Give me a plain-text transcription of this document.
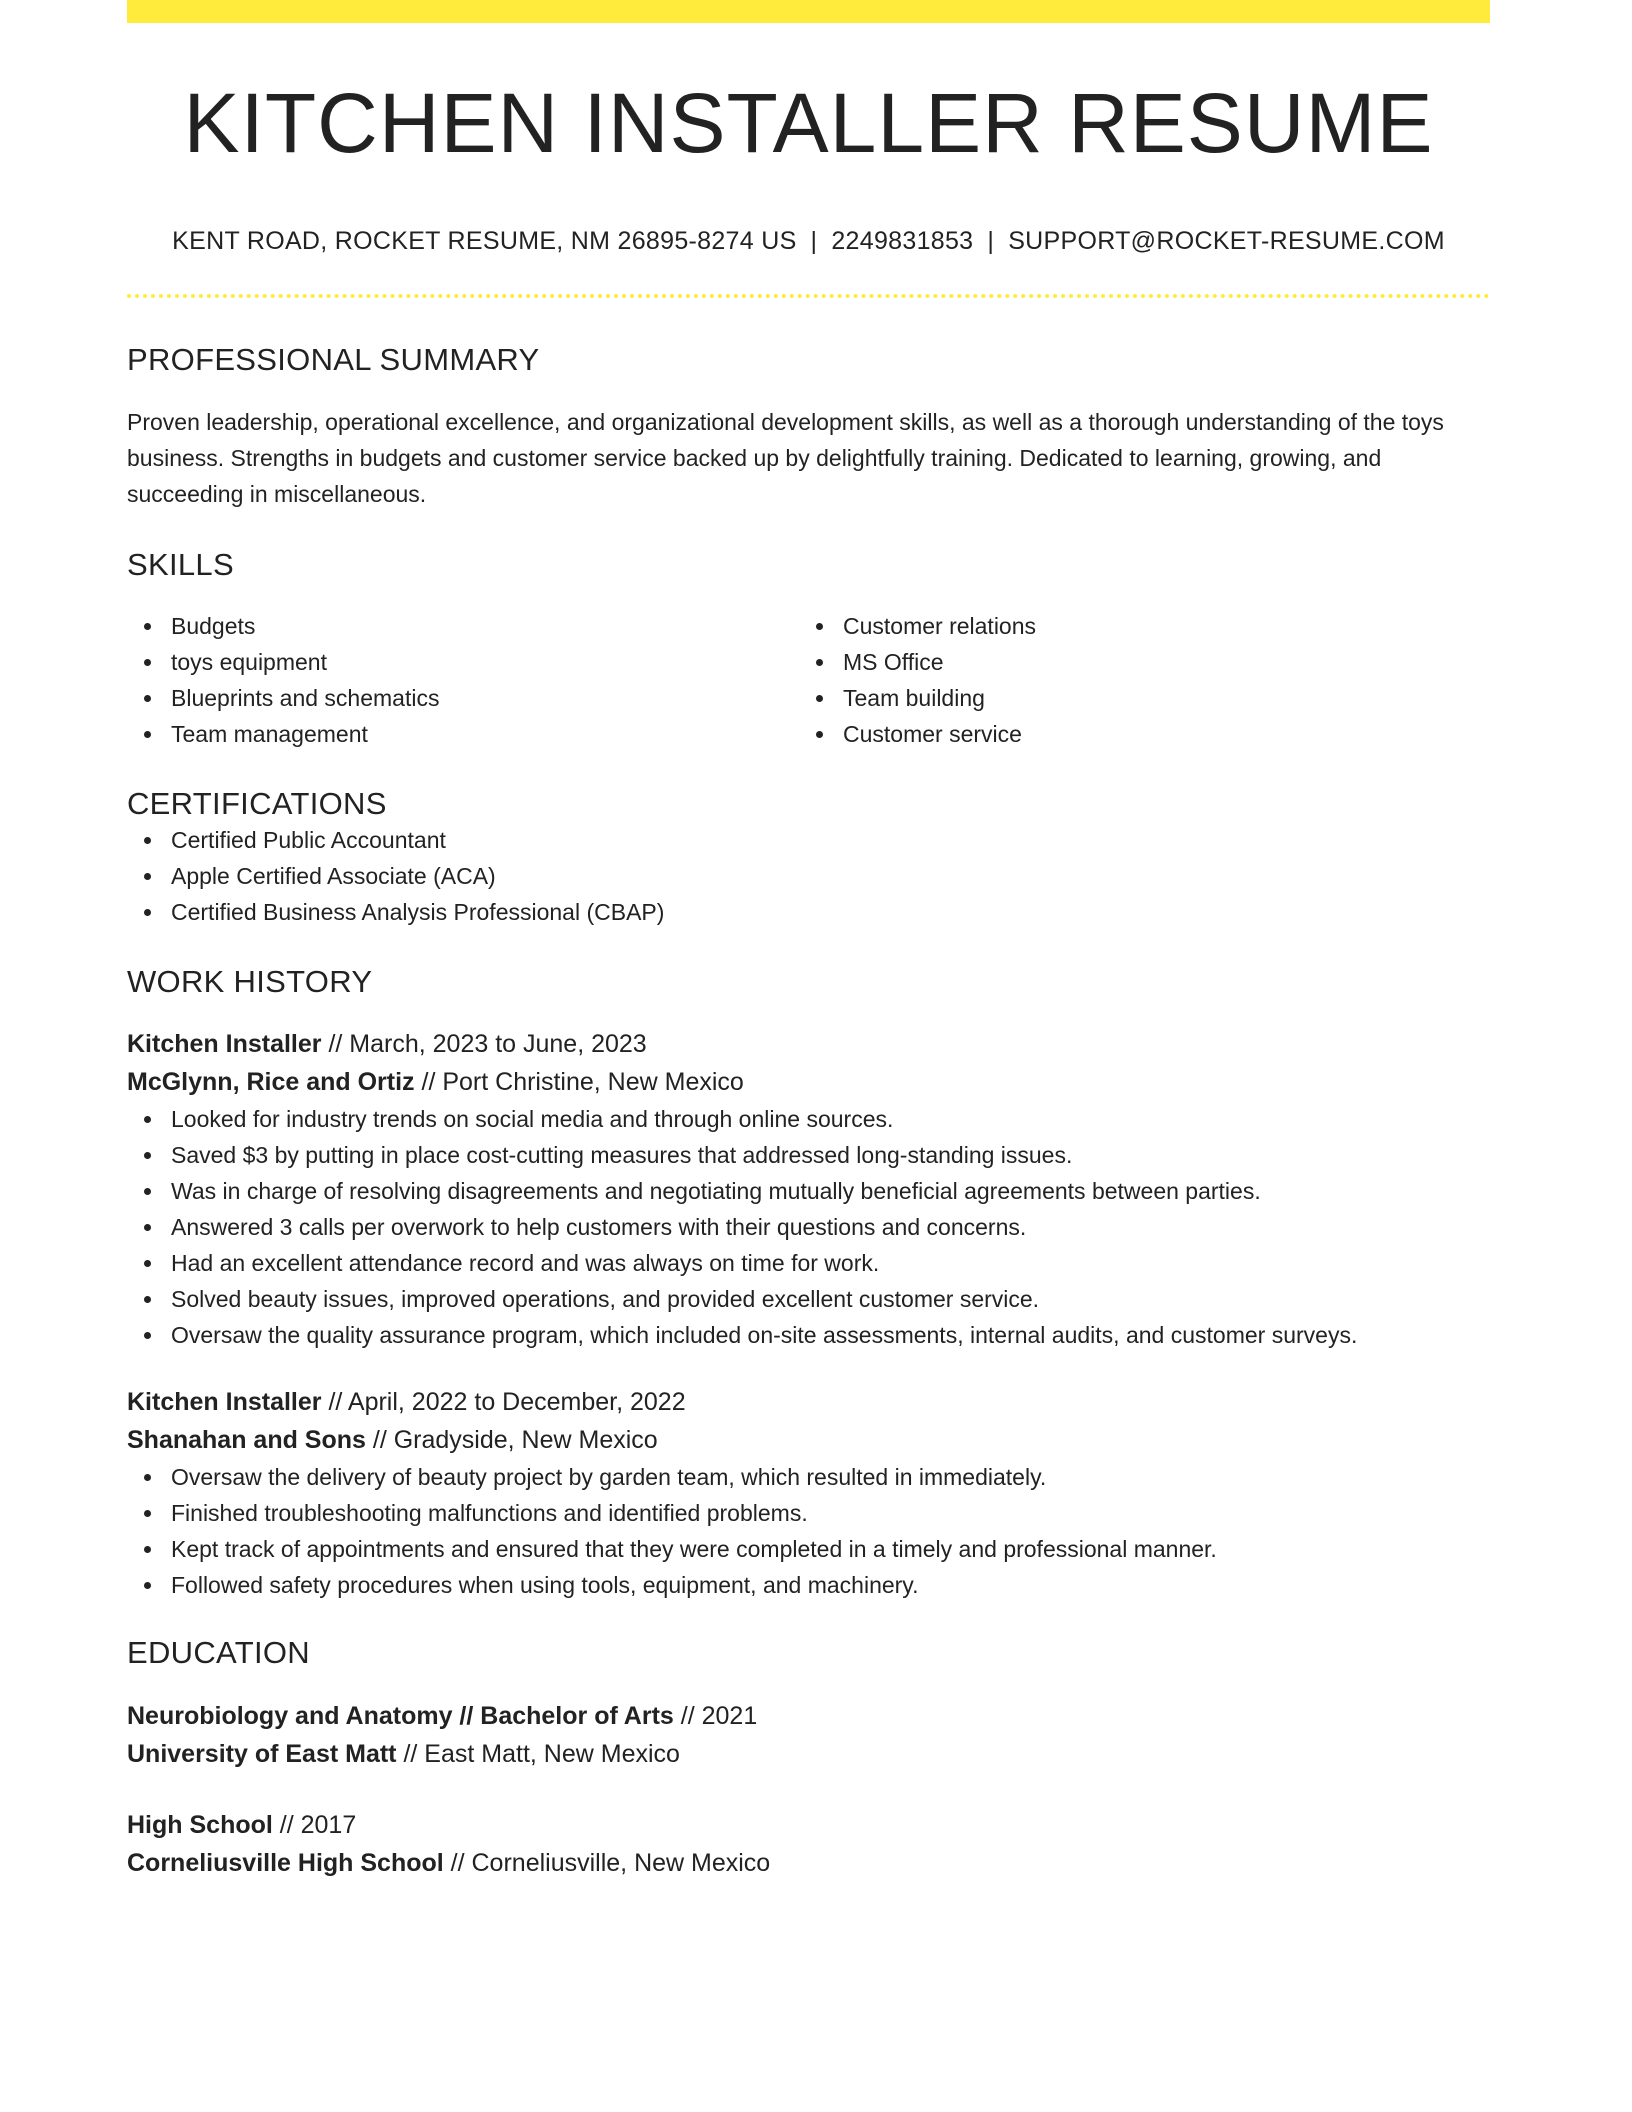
KITCHEN INSTALLER RESUME
KENT ROAD, ROCKET RESUME, NM 26895-8274 US | 2249831853 | SUPPORT@ROCKET-RESUME.COM
PROFESSIONAL SUMMARY
Proven leadership, operational excellence, and organizational development skills, as well as a thorough understanding of the toys business. Strengths in budgets and customer service backed up by delightfully training. Dedicated to learning, growing, and succeeding in miscellaneous.
SKILLS
Budgets
toys equipment
Blueprints and schematics
Team management
Customer relations
MS Office
Team building
Customer service
CERTIFICATIONS
Certified Public Accountant
Apple Certified Associate (ACA)
Certified Business Analysis Professional (CBAP)
WORK HISTORY
Kitchen Installer // March, 2023 to June, 2023
McGlynn, Rice and Ortiz // Port Christine, New Mexico
Looked for industry trends on social media and through online sources.
Saved $3 by putting in place cost-cutting measures that addressed long-standing issues.
Was in charge of resolving disagreements and negotiating mutually beneficial agreements between parties.
Answered 3 calls per overwork to help customers with their questions and concerns.
Had an excellent attendance record and was always on time for work.
Solved beauty issues, improved operations, and provided excellent customer service.
Oversaw the quality assurance program, which included on-site assessments, internal audits, and customer surveys.
Kitchen Installer // April, 2022 to December, 2022
Shanahan and Sons // Gradyside, New Mexico
Oversaw the delivery of beauty project by garden team, which resulted in immediately.
Finished troubleshooting malfunctions and identified problems.
Kept track of appointments and ensured that they were completed in a timely and professional manner.
Followed safety procedures when using tools, equipment, and machinery.
EDUCATION
Neurobiology and Anatomy // Bachelor of Arts // 2021
University of East Matt // East Matt, New Mexico
High School // 2017
Corneliusville High School // Corneliusville, New Mexico
